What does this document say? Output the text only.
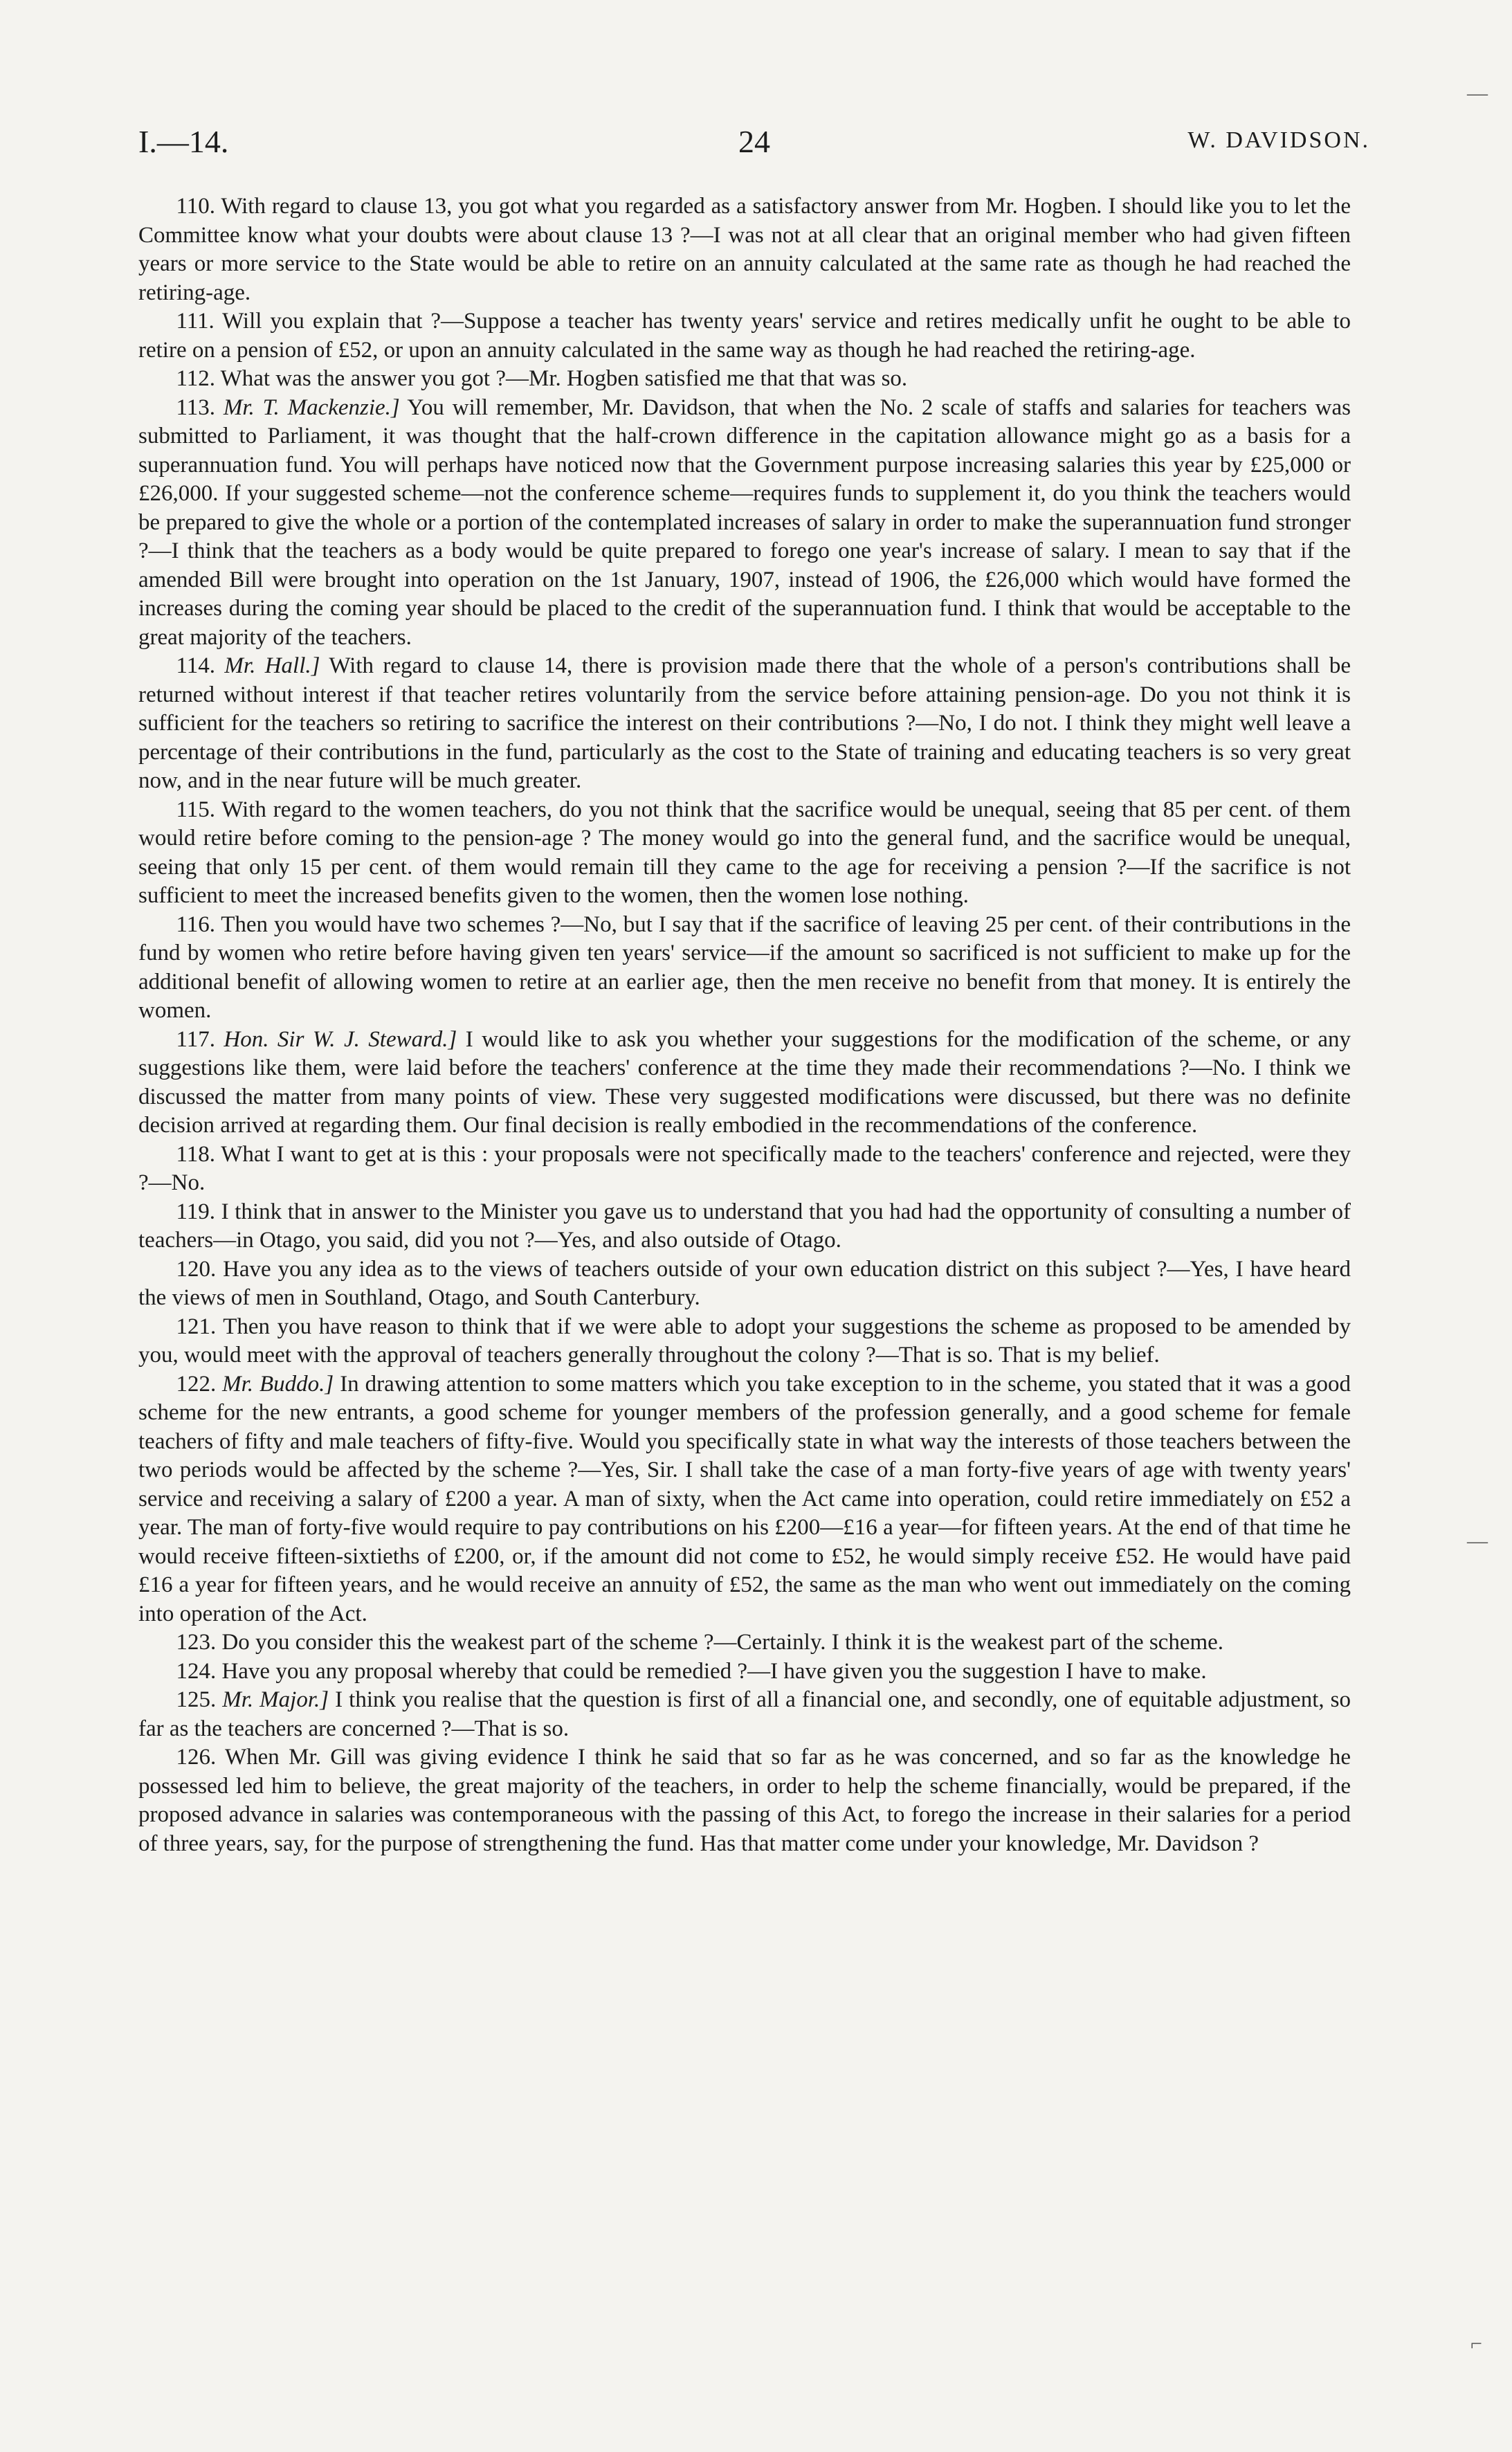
I.—14.	24	W. DAVIDSON.

110. With regard to clause 13, you got what you regarded as a satisfactory answer from Mr. Hogben. I should like you to let the Committee know what your doubts were about clause 13 ?—I was not at all clear that an original member who had given fifteen years or more service to the State would be able to retire on an annuity calculated at the same rate as though he had reached the retiring-age.

111. Will you explain that ?—Suppose a teacher has twenty years' service and retires medically unfit he ought to be able to retire on a pension of £52, or upon an annuity calculated in the same way as though he had reached the retiring-age.

112. What was the answer you got ?—Mr. Hogben satisfied me that that was so.

113. Mr. T. Mackenzie.] You will remember, Mr. Davidson, that when the No. 2 scale of staffs and salaries for teachers was submitted to Parliament, it was thought that the half-crown difference in the capitation allowance might go as a basis for a superannuation fund. You will perhaps have noticed now that the Government purpose increasing salaries this year by £25,000 or £26,000. If your suggested scheme—not the conference scheme—requires funds to supplement it, do you think the teachers would be prepared to give the whole or a portion of the contemplated increases of salary in order to make the superannuation fund stronger ?—I think that the teachers as a body would be quite prepared to forego one year's increase of salary. I mean to say that if the amended Bill were brought into operation on the 1st January, 1907, instead of 1906, the £26,000 which would have formed the increases during the coming year should be placed to the credit of the superannuation fund. I think that would be acceptable to the great majority of the teachers.

114. Mr. Hall.] With regard to clause 14, there is provision made there that the whole of a person's contributions shall be returned without interest if that teacher retires voluntarily from the service before attaining pension-age. Do you not think it is sufficient for the teachers so retiring to sacrifice the interest on their contributions ?—No, I do not. I think they might well leave a percentage of their contributions in the fund, particularly as the cost to the State of training and educating teachers is so very great now, and in the near future will be much greater.

115. With regard to the women teachers, do you not think that the sacrifice would be unequal, seeing that 85 per cent. of them would retire before coming to the pension-age ? The money would go into the general fund, and the sacrifice would be unequal, seeing that only 15 per cent. of them would remain till they came to the age for receiving a pension ?—If the sacrifice is not sufficient to meet the increased benefits given to the women, then the women lose nothing.

116. Then you would have two schemes ?—No, but I say that if the sacrifice of leaving 25 per cent. of their contributions in the fund by women who retire before having given ten years' service—if the amount so sacrificed is not sufficient to make up for the additional benefit of allowing women to retire at an earlier age, then the men receive no benefit from that money. It is entirely the women.

117. Hon. Sir W. J. Steward.] I would like to ask you whether your suggestions for the modification of the scheme, or any suggestions like them, were laid before the teachers' conference at the time they made their recommendations ?—No. I think we discussed the matter from many points of view. These very suggested modifications were discussed, but there was no definite decision arrived at regarding them. Our final decision is really embodied in the recommendations of the conference.

118. What I want to get at is this : your proposals were not specifically made to the teachers' conference and rejected, were they ?—No.

119. I think that in answer to the Minister you gave us to understand that you had had the opportunity of consulting a number of teachers—in Otago, you said, did you not ?—Yes, and also outside of Otago.

120. Have you any idea as to the views of teachers outside of your own education district on this subject ?—Yes, I have heard the views of men in Southland, Otago, and South Canterbury.

121. Then you have reason to think that if we were able to adopt your suggestions the scheme as proposed to be amended by you, would meet with the approval of teachers generally throughout the colony ?—That is so. That is my belief.

122. Mr. Buddo.] In drawing attention to some matters which you take exception to in the scheme, you stated that it was a good scheme for the new entrants, a good scheme for younger members of the profession generally, and a good scheme for female teachers of fifty and male teachers of fifty-five. Would you specifically state in what way the interests of those teachers between the two periods would be affected by the scheme ?—Yes, Sir. I shall take the case of a man forty-five years of age with twenty years' service and receiving a salary of £200 a year. A man of sixty, when the Act came into operation, could retire immediately on £52 a year. The man of forty-five would require to pay contributions on his £200—£16 a year—for fifteen years. At the end of that time he would receive fifteen-sixtieths of £200, or, if the amount did not come to £52, he would simply receive £52. He would have paid £16 a year for fifteen years, and he would receive an annuity of £52, the same as the man who went out immediately on the coming into operation of the Act.

123. Do you consider this the weakest part of the scheme ?—Certainly. I think it is the weakest part of the scheme.

124. Have you any proposal whereby that could be remedied ?—I have given you the suggestion I have to make.

125. Mr. Major.] I think you realise that the question is first of all a financial one, and secondly, one of equitable adjustment, so far as the teachers are concerned ?—That is so.

126. When Mr. Gill was giving evidence I think he said that so far as he was concerned, and so far as the knowledge he possessed led him to believe, the great majority of the teachers, in order to help the scheme financially, would be prepared, if the proposed advance in salaries was contemporaneous with the passing of this Act, to forego the increase in their salaries for a period of three years, say, for the purpose of strengthening the fund. Has that matter come under your knowledge, Mr. Davidson ?

—
—
⌐
